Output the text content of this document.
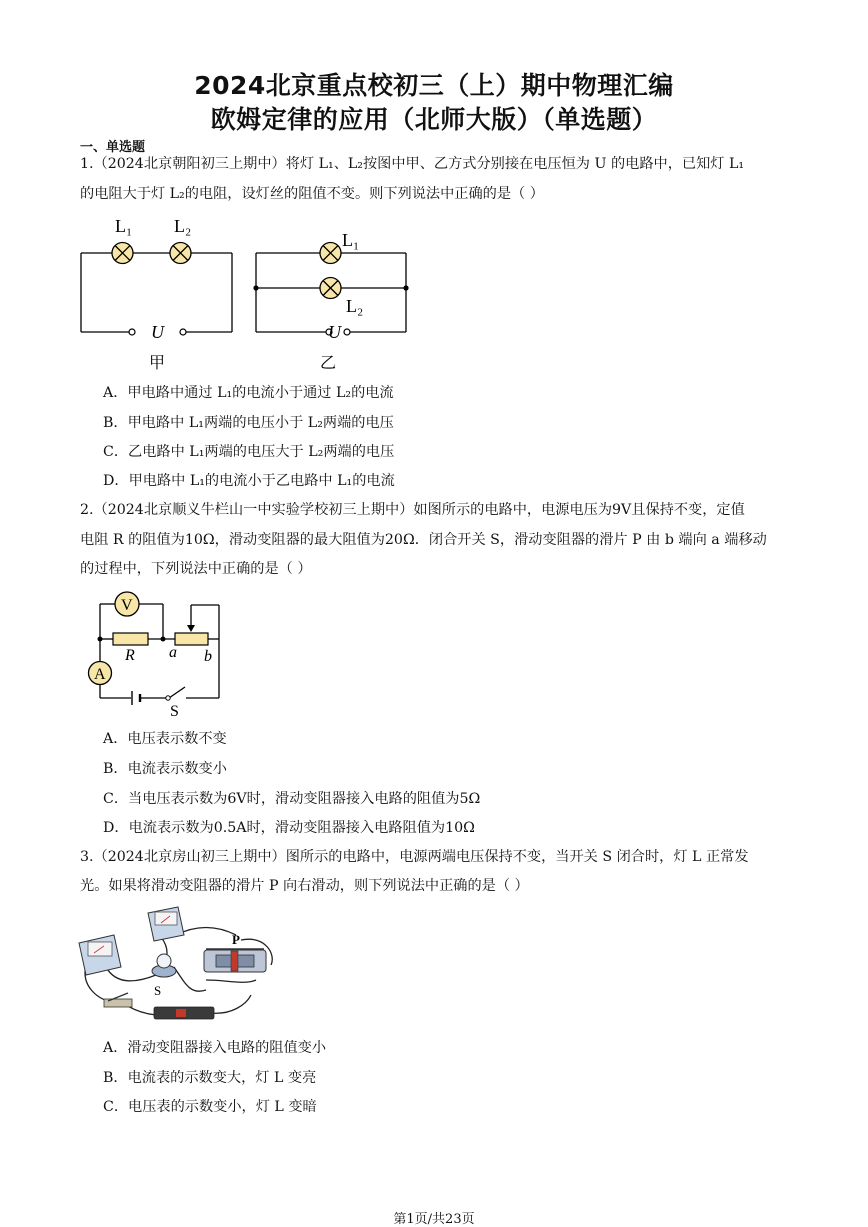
2024北京重点校初三（上）期中物理汇编
欧姆定律的应用（北师大版）（单选题）
一、单选题
1.（2024北京朝阳初三上期中）将灯 L₁、L₂按图中甲、乙方式分别接在电压恒为 U 的电路中，已知灯 L₁
的电阻大于灯 L₂的电阻，设灯丝的阻值不变。则下列说法中正确的是（ ）
L₁ L₂
U
甲
L₁
L₂
U
乙
A．甲电路中通过 L₁的电流小于通过 L₂的电流
B．甲电路中 L₁两端的电压小于 L₂两端的电压
C．乙电路中 L₁两端的电压大于 L₂两端的电压
D．甲电路中 L₁的电流小于乙电路中 L₁的电流
2.（2024北京顺义牛栏山一中实验学校初三上期中）如图所示的电路中，电源电压为9V且保持不变，定值
电阻 R 的阻值为10Ω，滑动变阻器的最大阻值为20Ω．闭合开关 S，滑动变阻器的滑片 P 由 b 端向 a 端移动
的过程中，下列说法中正确的是（ ）
V
A
R a b
S
A．电压表示数不变
B．电流表示数变小
C．当电压表示数为6V时，滑动变阻器接入电路的阻值为5Ω
D．电流表示数为0.5A时，滑动变阻器接入电路阻值为10Ω
3.（2024北京房山初三上期中）图所示的电路中，电源两端电压保持不变，当开关 S 闭合时，灯 L 正常发
光。如果将滑动变阻器的滑片 P 向右滑动，则下列说法中正确的是（ ）
P
S
A．滑动变阻器接入电路的阻值变小
B．电流表的示数变大，灯 L 变亮
C．电压表的示数变小，灯 L 变暗
第1页/共23页
